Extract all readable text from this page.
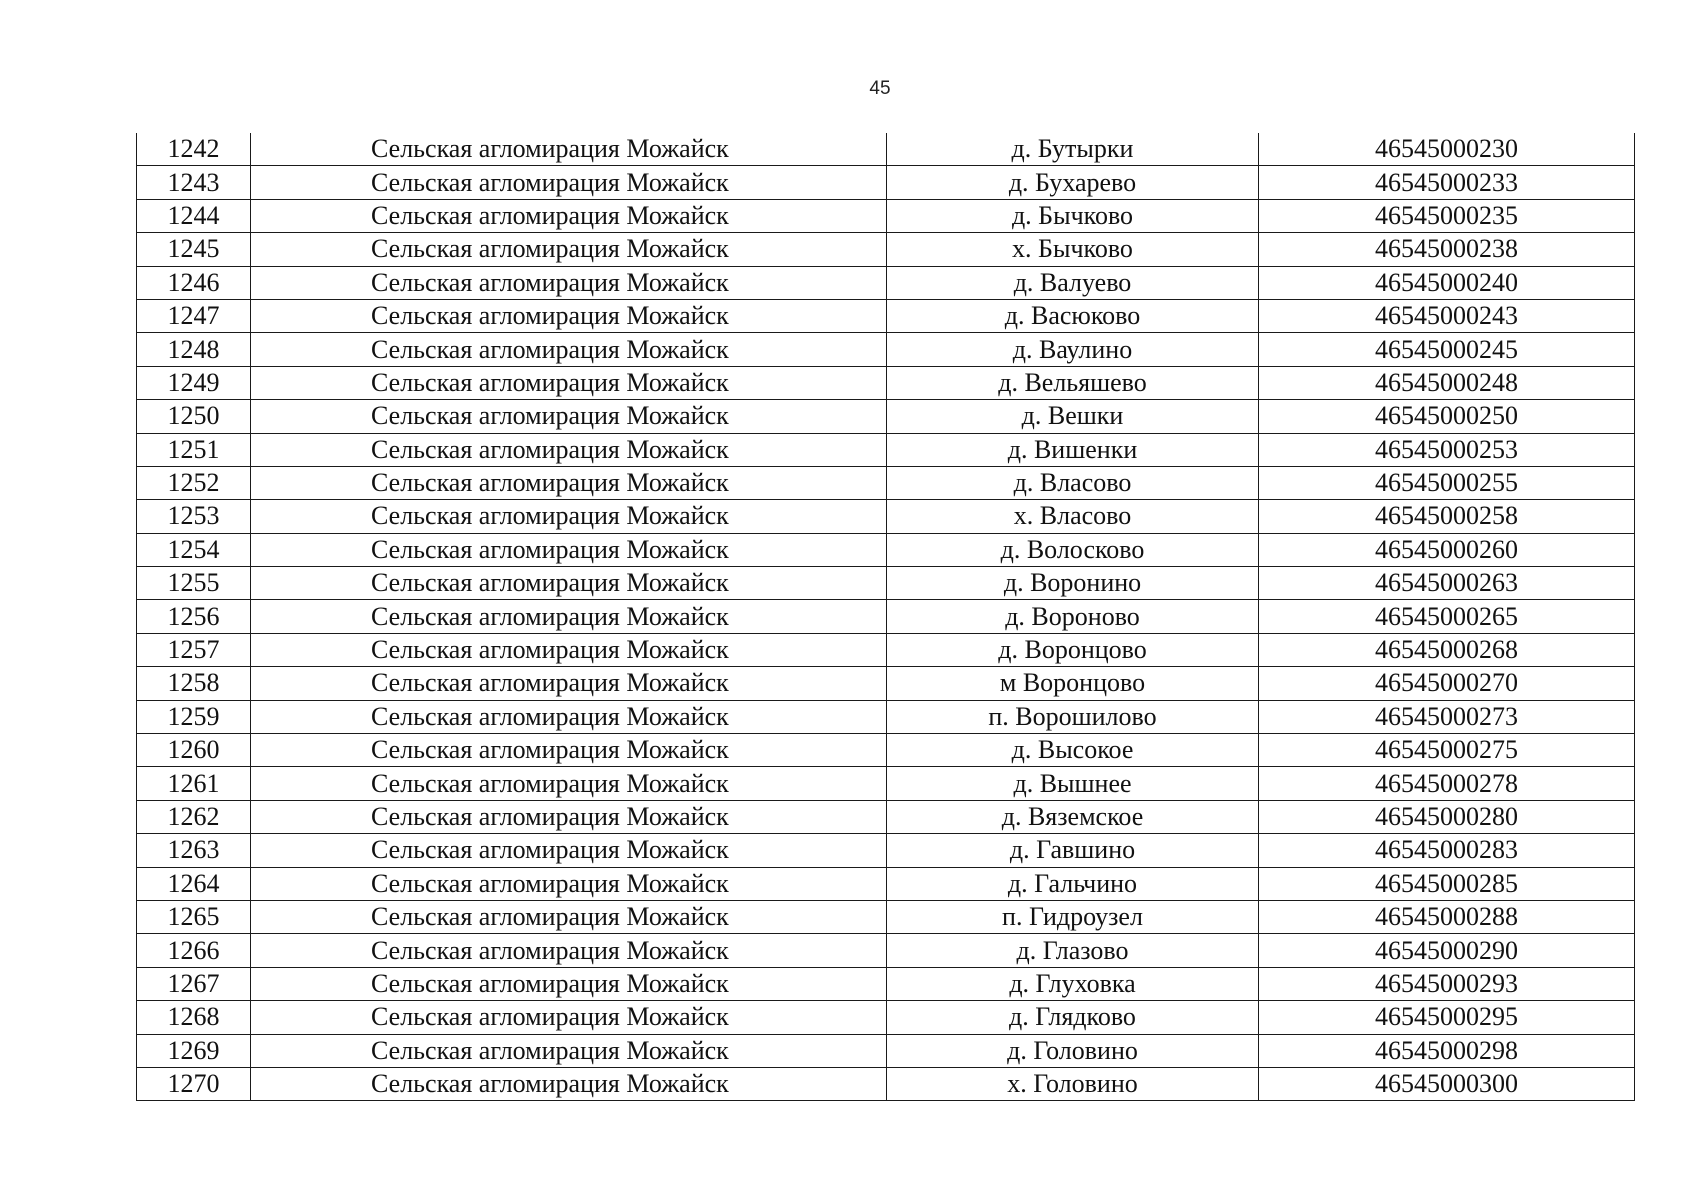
45
1242	Сельская агломирация Можайск	д. Бутырки	46545000230
1243	Сельская агломирация Можайск	д. Бухарево	46545000233
1244	Сельская агломирация Можайск	д. Бычково	46545000235
1245	Сельская агломирация Можайск	х. Бычково	46545000238
1246	Сельская агломирация Можайск	д. Валуево	46545000240
1247	Сельская агломирация Можайск	д. Васюково	46545000243
1248	Сельская агломирация Можайск	д. Ваулино	46545000245
1249	Сельская агломирация Можайск	д. Вельяшево	46545000248
1250	Сельская агломирация Можайск	д. Вешки	46545000250
1251	Сельская агломирация Можайск	д. Вишенки	46545000253
1252	Сельская агломирация Можайск	д. Власово	46545000255
1253	Сельская агломирация Можайск	х. Власово	46545000258
1254	Сельская агломирация Можайск	д. Волосково	46545000260
1255	Сельская агломирация Можайск	д. Воронино	46545000263
1256	Сельская агломирация Можайск	д. Вороново	46545000265
1257	Сельская агломирация Можайск	д. Воронцово	46545000268
1258	Сельская агломирация Можайск	м Воронцово	46545000270
1259	Сельская агломирация Можайск	п. Ворошилово	46545000273
1260	Сельская агломирация Можайск	д. Высокое	46545000275
1261	Сельская агломирация Можайск	д. Вышнее	46545000278
1262	Сельская агломирация Можайск	д. Вяземское	46545000280
1263	Сельская агломирация Можайск	д. Гавшино	46545000283
1264	Сельская агломирация Можайск	д. Гальчино	46545000285
1265	Сельская агломирация Можайск	п. Гидроузел	46545000288
1266	Сельская агломирация Можайск	д. Глазово	46545000290
1267	Сельская агломирация Можайск	д. Глуховка	46545000293
1268	Сельская агломирация Можайск	д. Глядково	46545000295
1269	Сельская агломирация Можайск	д. Головино	46545000298
1270	Сельская агломирация Можайск	х. Головино	46545000300
